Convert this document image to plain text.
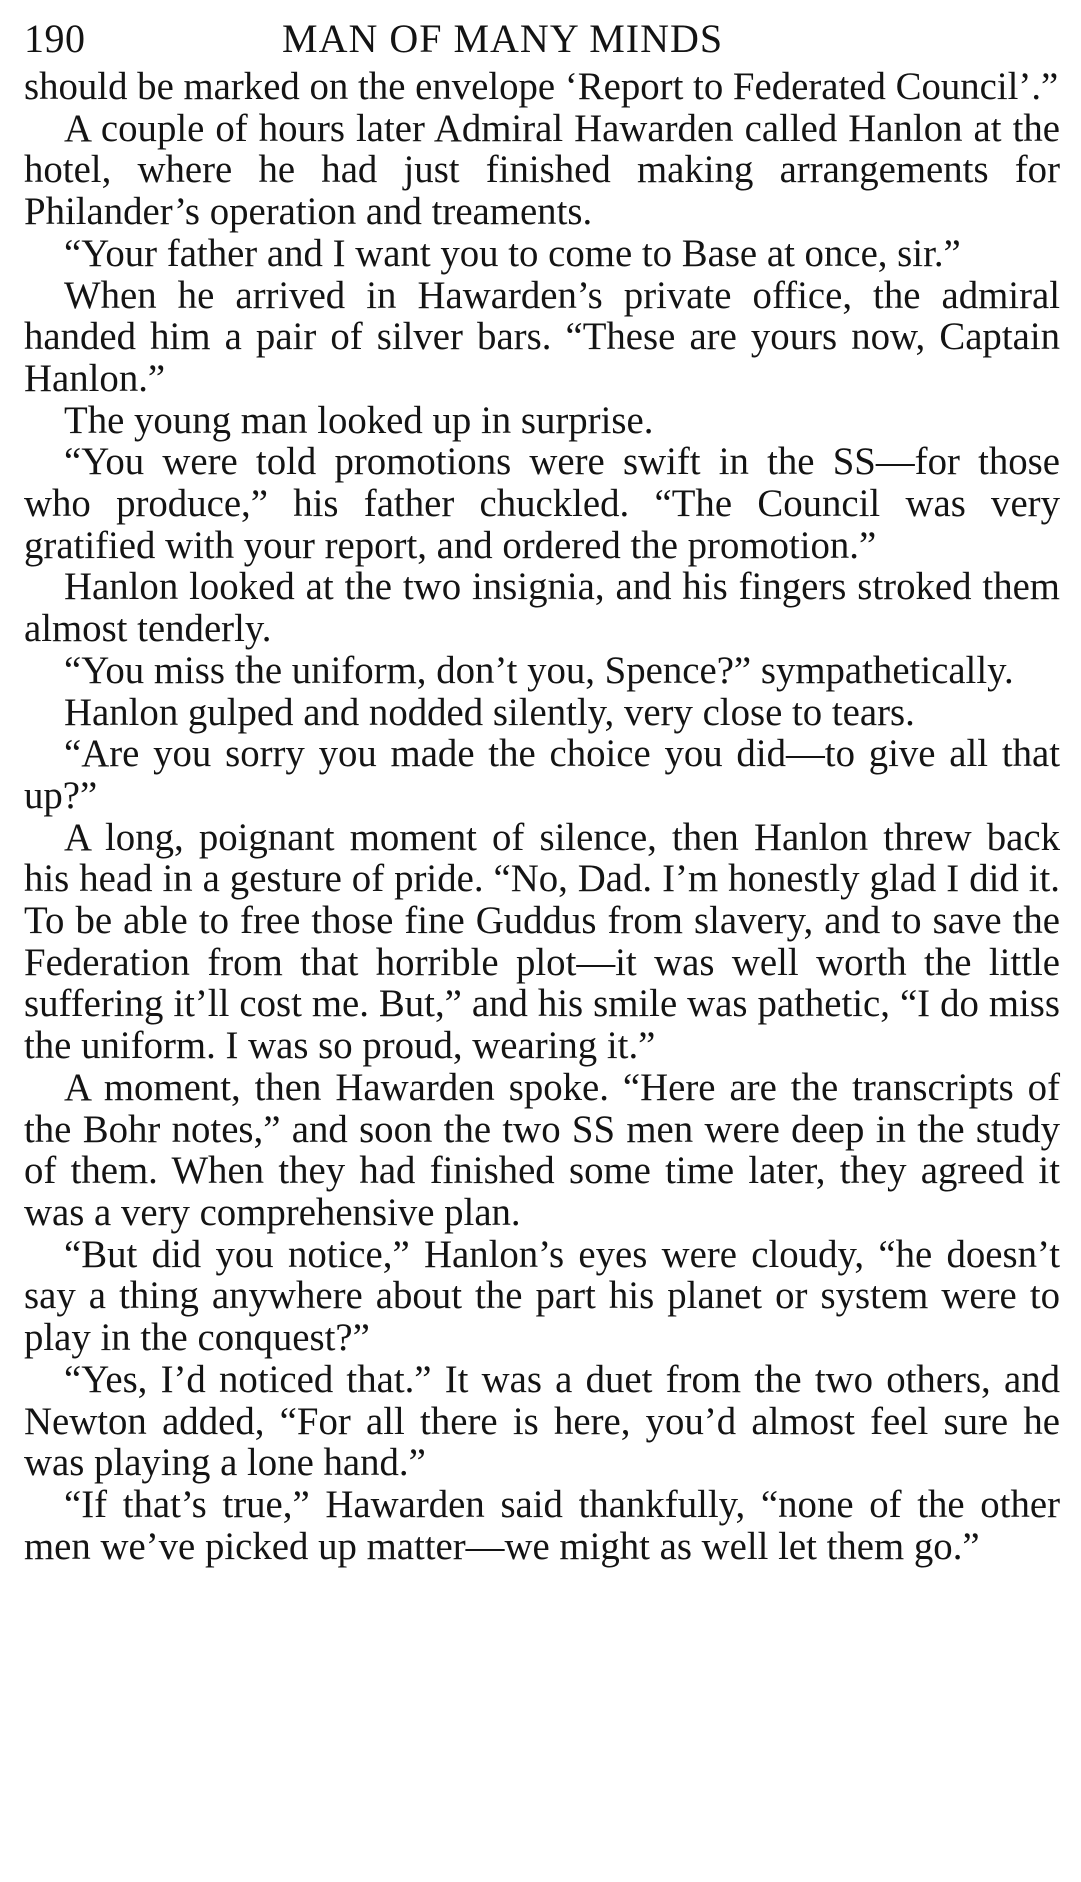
190	MAN OF MANY MINDS

should be marked on the envelope ‘Report to Federated Council’.”

A couple of hours later Admiral Hawarden called Hanlon at the hotel, where he had just finished making arrangements for Philander’s operation and treaments.

“Your father and I want you to come to Base at once, sir.”

When he arrived in Hawarden’s private office, the admiral handed him a pair of silver bars. “These are yours now, Captain Hanlon.”

The young man looked up in surprise.

“You were told promotions were swift in the SS—for those who produce,” his father chuckled. “The Council was very gratified with your report, and ordered the promotion.”

Hanlon looked at the two insignia, and his fingers stroked them almost tenderly.

“You miss the uniform, don’t you, Spence?” sympathetically.

Hanlon gulped and nodded silently, very close to tears.

“Are you sorry you made the choice you did—to give all that up?”

A long, poignant moment of silence, then Hanlon threw back his head in a gesture of pride. “No, Dad. I’m honestly glad I did it. To be able to free those fine Guddus from slavery, and to save the Federation from that horrible plot—it was well worth the little suffering it’ll cost me. But,” and his smile was pathetic, “I do miss the uniform. I was so proud, wearing it.”

A moment, then Hawarden spoke. “Here are the transcripts of the Bohr notes,” and soon the two SS men were deep in the study of them. When they had finished some time later, they agreed it was a very comprehensive plan.

“But did you notice,” Hanlon’s eyes were cloudy, “he doesn’t say a thing anywhere about the part his planet or system were to play in the conquest?”

“Yes, I’d noticed that.” It was a duet from the two others, and Newton added, “For all there is here, you’d almost feel sure he was playing a lone hand.”

“If that’s true,” Hawarden said thankfully, “none of the other men we’ve picked up matter—we might as well let them go.”
